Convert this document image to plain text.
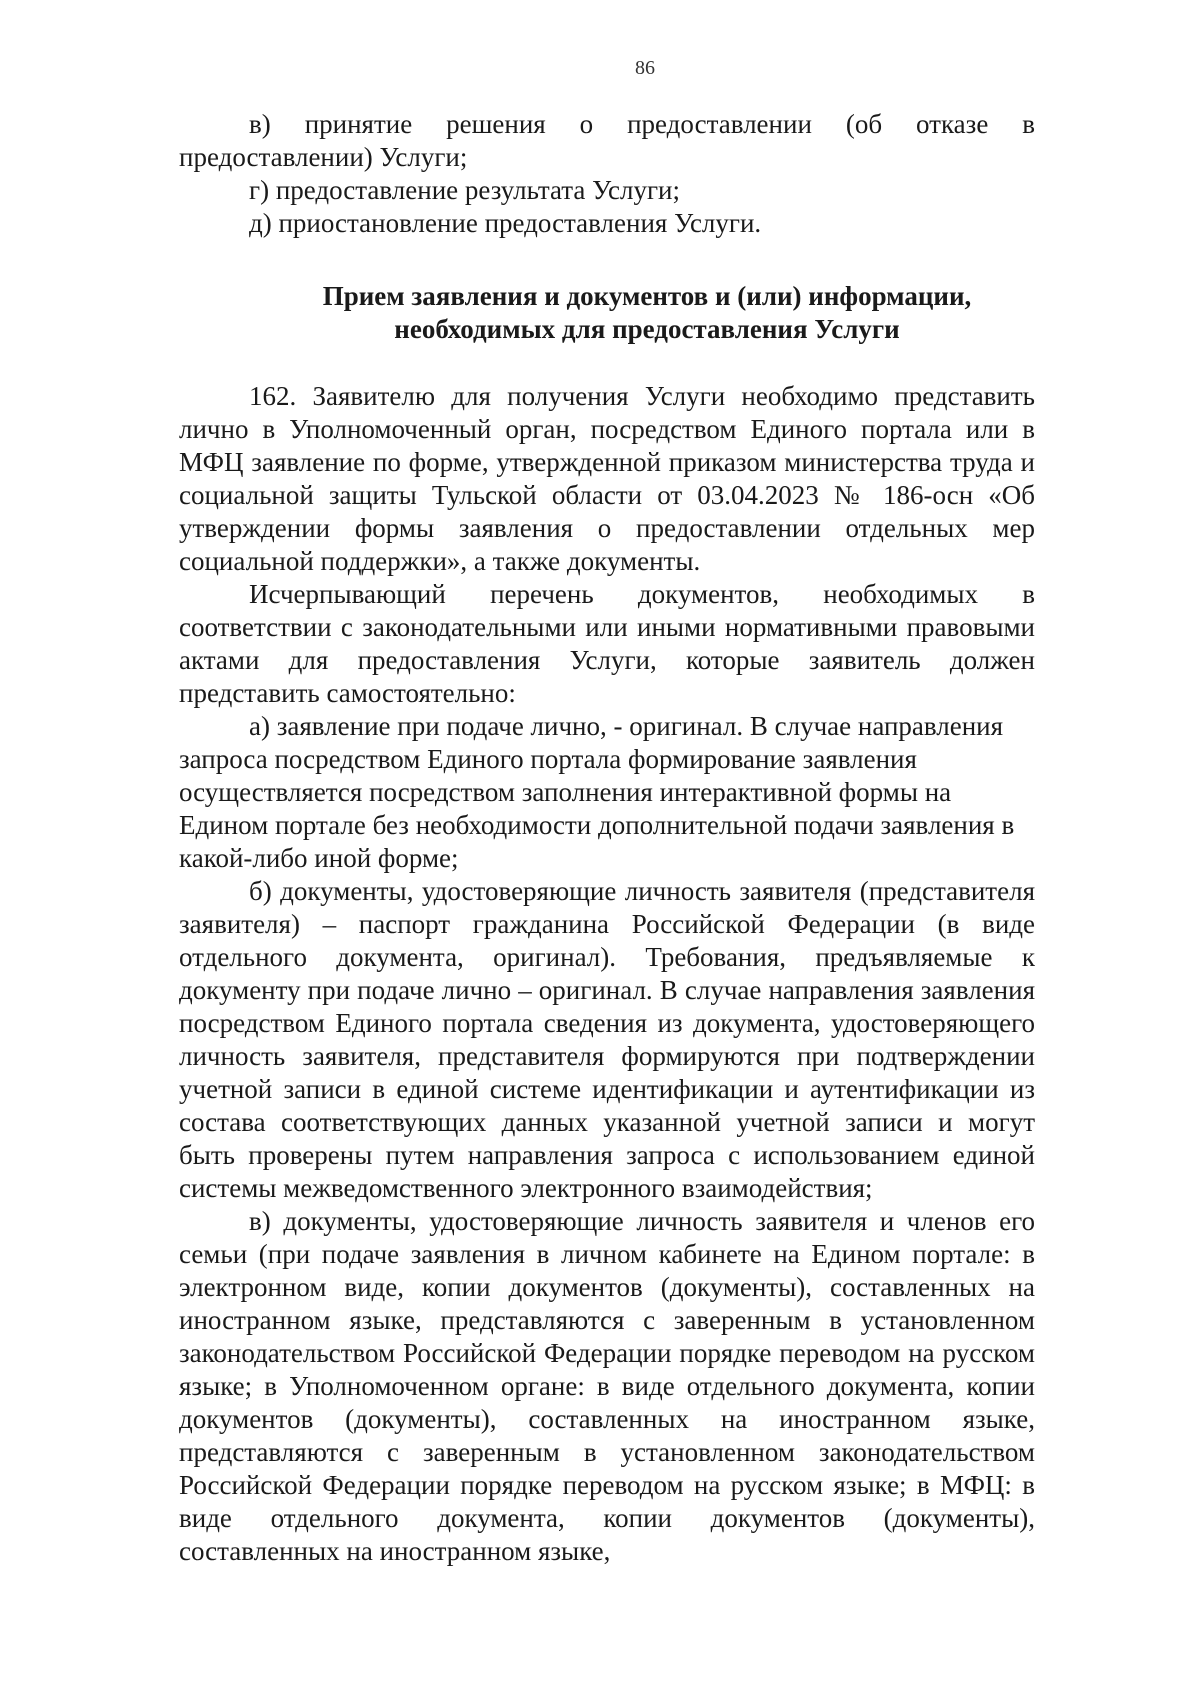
86

в) принятие решения о предоставлении (об отказе в предоставлении) Услуги;

г) предоставление результата Услуги;

д) приостановление предоставления Услуги.

Прием заявления и документов и (или) информации,
необходимых для предоставления Услуги

162. Заявителю для получения Услуги необходимо представить лично в Уполномоченный орган, посредством Единого портала или в МФЦ заявление по форме, утвержденной приказом министерства труда и социальной защиты Тульской области от 03.04.2023 № 186-осн «Об утверждении формы заявления о предоставлении отдельных мер социальной поддержки», а также документы.

Исчерпывающий перечень документов, необходимых в соответствии с законодательными или иными нормативными правовыми актами для предоставления Услуги, которые заявитель должен представить самостоятельно:

а) заявление при подаче лично, - оригинал. В случае направления запроса посредством Единого портала формирование заявления осуществляется посредством заполнения интерактивной формы на Едином портале без необходимости дополнительной подачи заявления в какой-либо иной форме;

б) документы, удостоверяющие личность заявителя (представителя заявителя) – паспорт гражданина Российской Федерации (в виде отдельного документа, оригинал). Требования, предъявляемые к документу при подаче лично – оригинал. В случае направления заявления посредством Единого портала сведения из документа, удостоверяющего личность заявителя, представителя формируются при подтверждении учетной записи в единой системе идентификации и аутентификации из состава соответствующих данных указанной учетной записи и могут быть проверены путем направления запроса с использованием единой системы межведомственного электронного взаимодействия;

в) документы, удостоверяющие личность заявителя и членов его семьи (при подаче заявления в личном кабинете на Едином портале: в электронном виде, копии документов (документы), составленных на иностранном языке, представляются с заверенным в установленном законодательством Российской Федерации порядке переводом на русском языке; в Уполномоченном органе: в виде отдельного документа, копии документов (документы), составленных на иностранном языке, представляются с заверенным в установленном законодательством Российской Федерации порядке переводом на русском языке; в МФЦ: в виде отдельного документа, копии документов (документы), составленных на иностранном языке,
